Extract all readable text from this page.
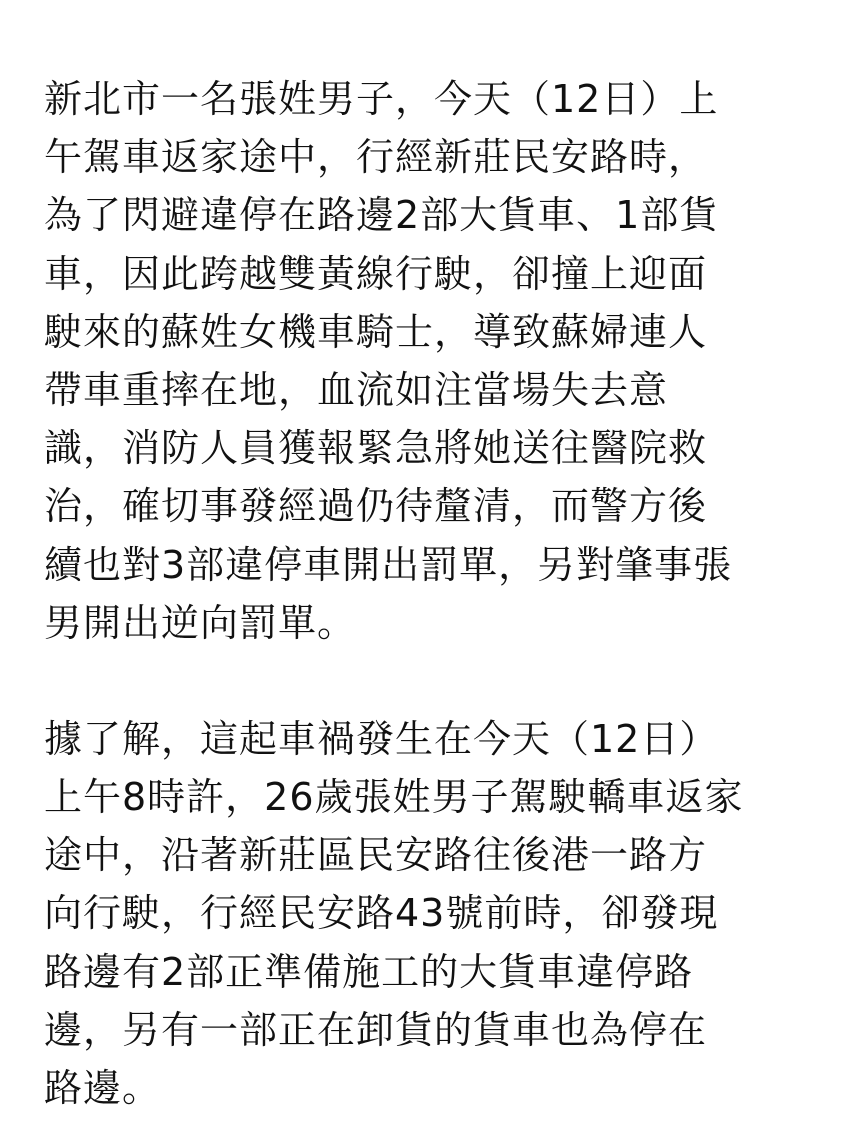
新北市一名張姓男子，今天（12日）上
午駕車返家途中，行經新莊民安路時，
為了閃避違停在路邊2部大貨車、1部貨
車，因此跨越雙黃線行駛，卻撞上迎面
駛來的蘇姓女機車騎士，導致蘇婦連人
帶車重摔在地，血流如注當場失去意
識，消防人員獲報緊急將她送往醫院救
治，確切事發經過仍待釐清，而警方後
續也對3部違停車開出罰單，另對肇事張
男開出逆向罰單。

據了解，這起車禍發生在今天（12日）
上午8時許，26歲張姓男子駕駛轎車返家
途中，沿著新莊區民安路往後港一路方
向行駛，行經民安路43號前時，卻發現
路邊有2部正準備施工的大貨車違停路
邊，另有一部正在卸貨的貨車也為停在
路邊。
